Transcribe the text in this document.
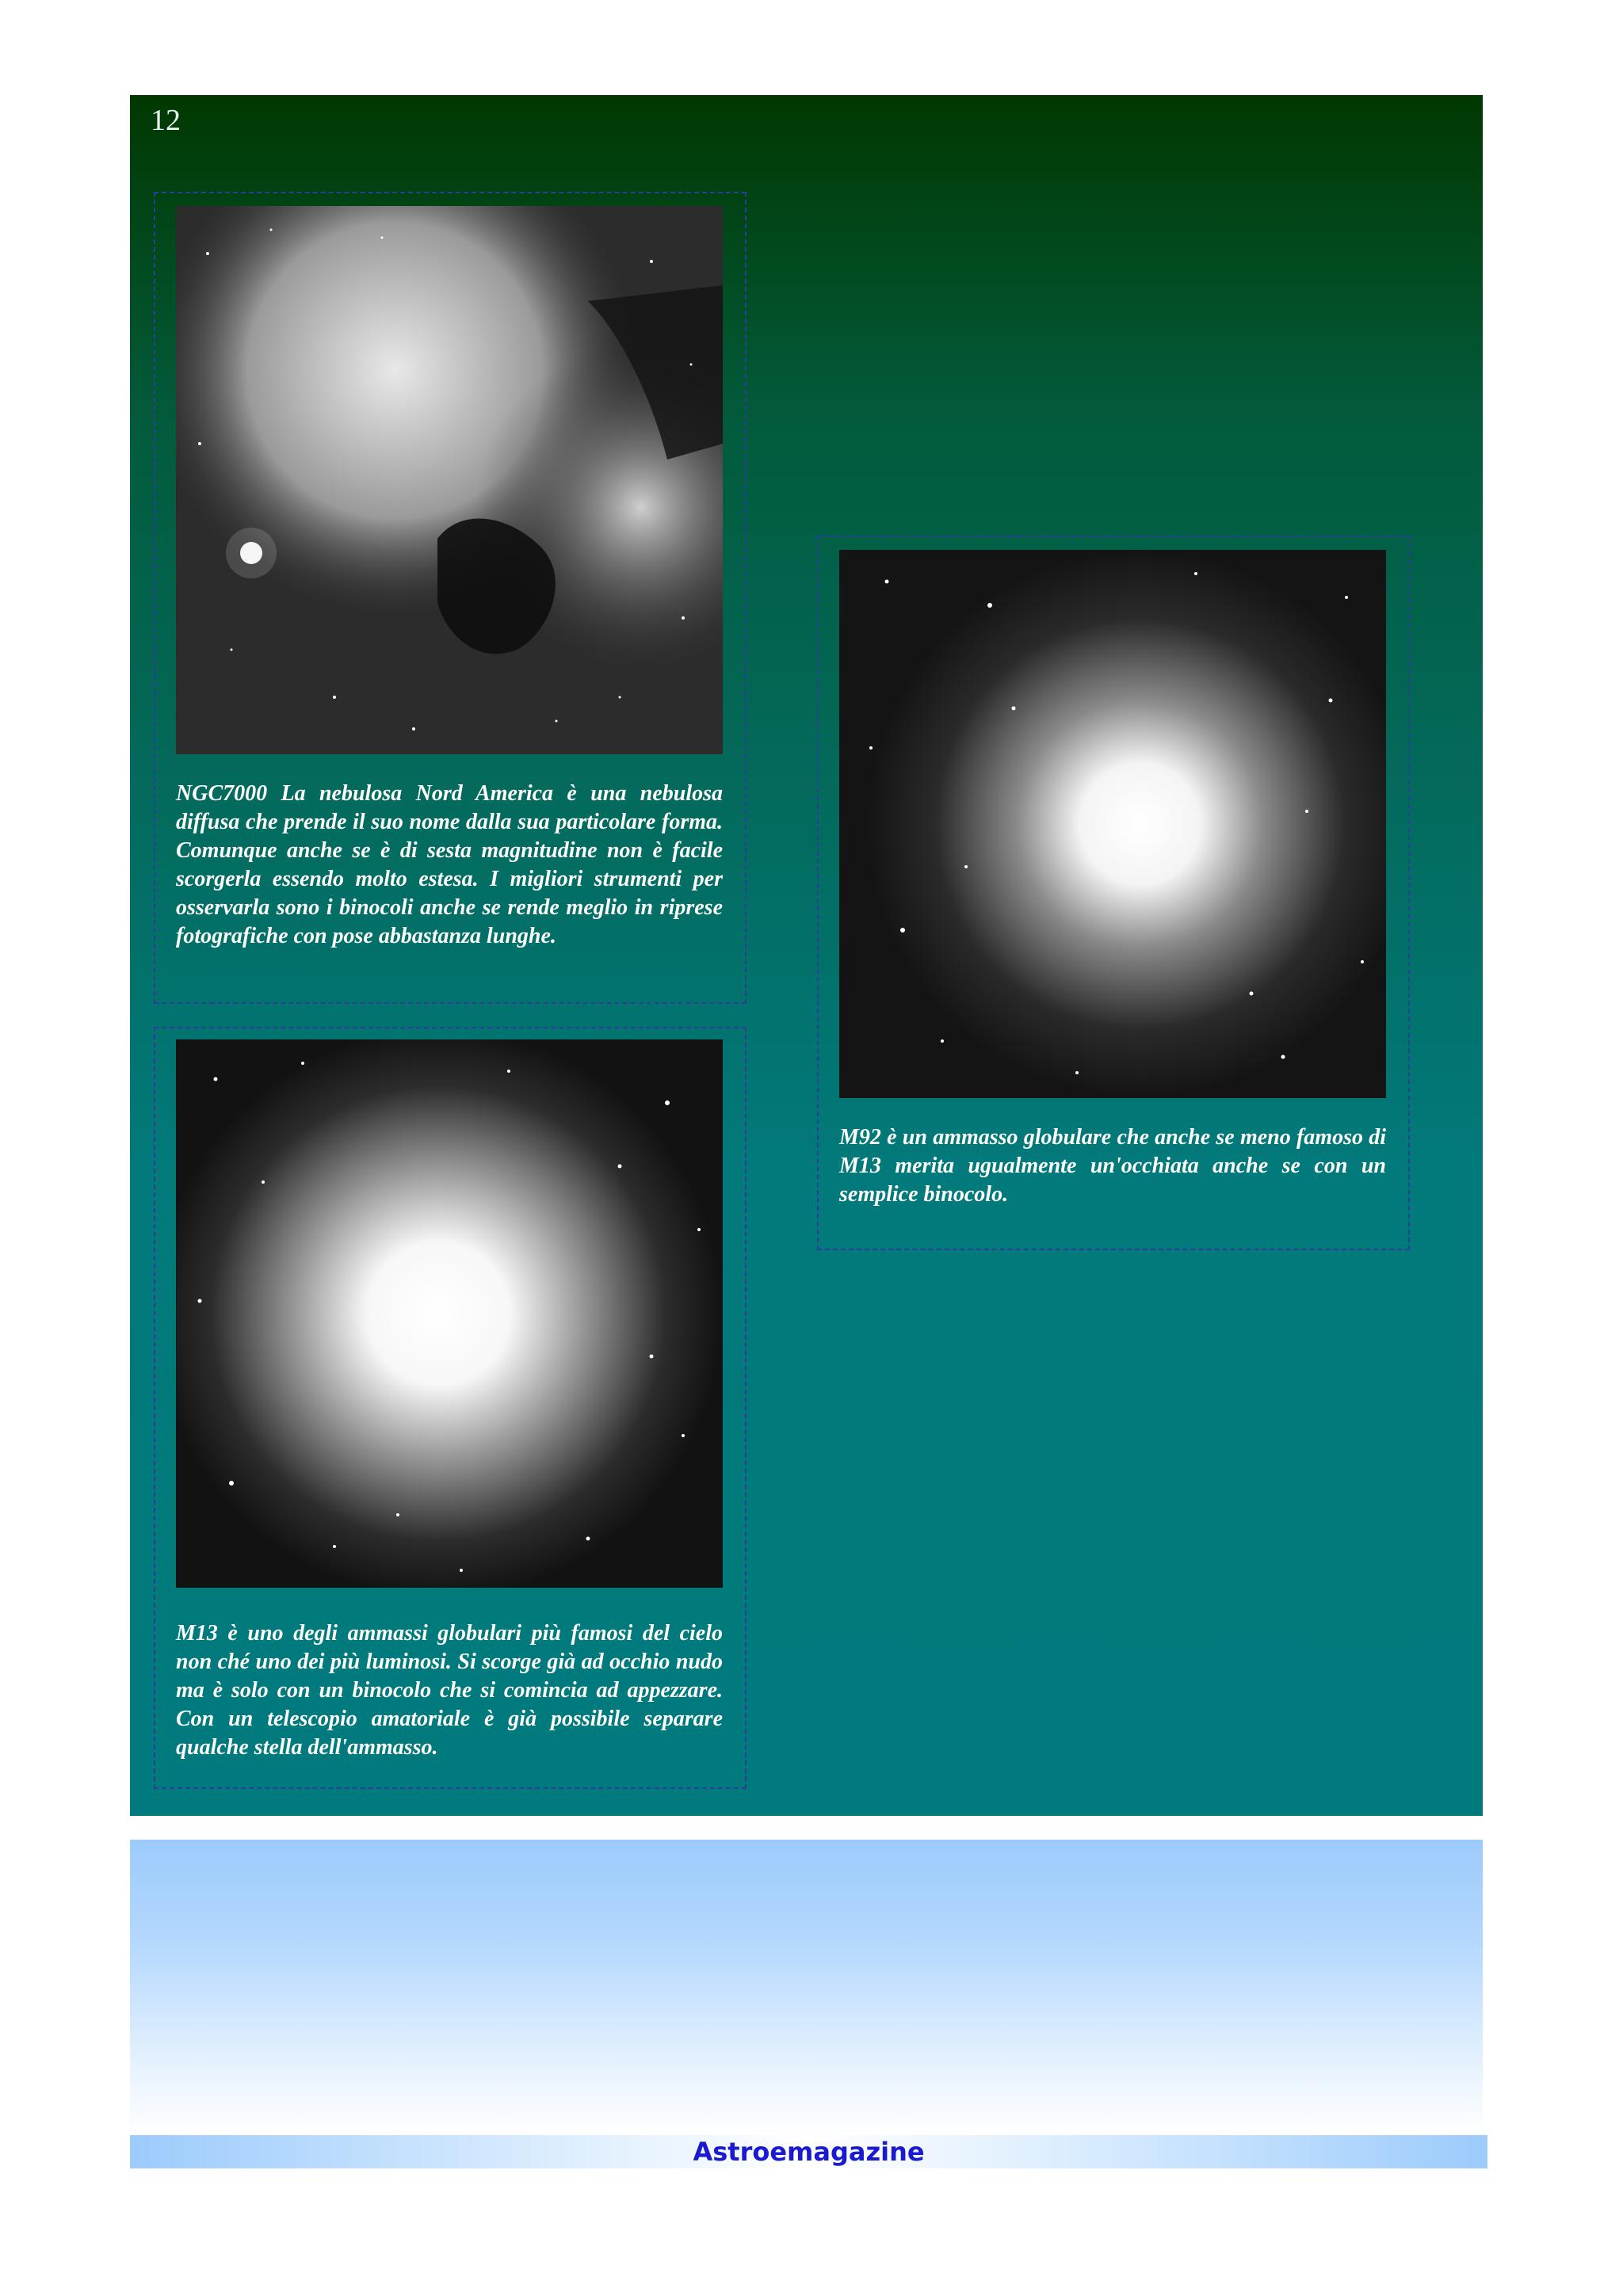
12
NGC7000 La nebulosa Nord America è una nebulosa diffusa che prende il suo nome dalla sua particolare forma. Comunque anche se è di sesta magnitudine non è facile scorgerla essendo molto estesa. I migliori strumenti per osservarla sono i binocoli anche se rende meglio in riprese fotografiche con pose abbastanza lunghe.
M92 è un ammasso globulare che anche se meno famoso di M13 merita ugualmente un'occhiata anche se con un semplice binocolo.
M13 è uno degli ammassi globulari più famosi del cielo non ché uno dei più luminosi. Si scorge già ad occhio nudo ma è solo con un binocolo che si comincia ad appezzare. Con un telescopio amatoriale è già possibile separare qualche stella dell'ammasso.
Astroemagazine
